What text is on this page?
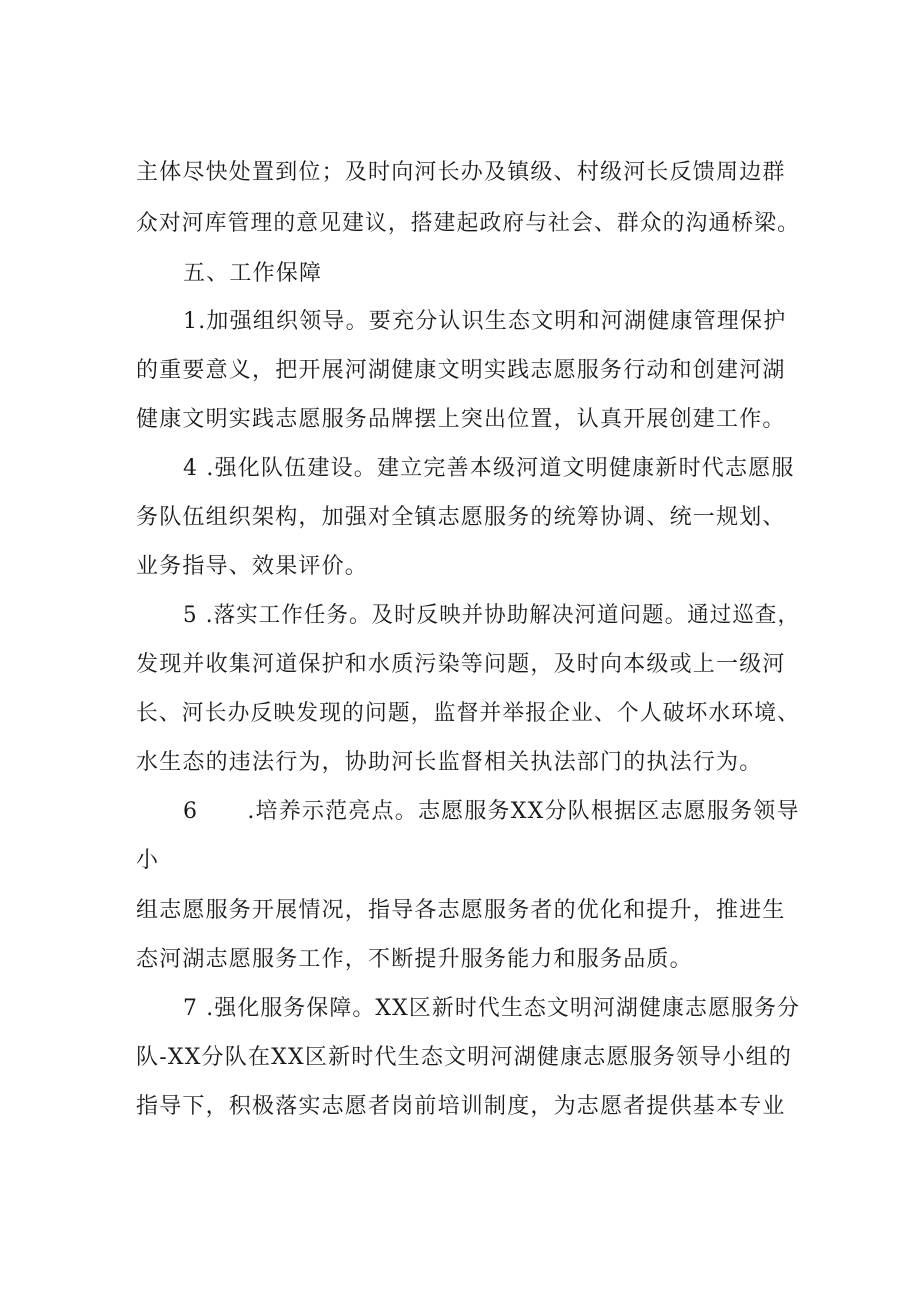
主体尽快处置到位；及时向河长办及镇级、村级河长反馈周边群
众对河库管理的意见建议，搭建起政府与社会、群众的沟通桥梁。
五、工作保障
1.加强组织领导。要充分认识生态文明和河湖健康管理保护
的重要意义，把开展河湖健康文明实践志愿服务行动和创建河湖
健康文明实践志愿服务品牌摆上突出位置，认真开展创建工作。
4 .强化队伍建设。建立完善本级河道文明健康新时代志愿服
务队伍组织架构，加强对全镇志愿服务的统筹协调、统一规划、
业务指导、效果评价。
5 .落实工作任务。及时反映并协助解决河道问题。通过巡查，
发现并收集河道保护和水质污染等问题，及时向本级或上一级河
长、河长办反映发现的问题，监督并举报企业、个人破坏水环境、
水生态的违法行为，协助河长监督相关执法部门的执法行为。
6      .培养示范亮点。志愿服务XX分队根据区志愿服务领导
小
组志愿服务开展情况，指导各志愿服务者的优化和提升，推进生
态河湖志愿服务工作，不断提升服务能力和服务品质。
7 .强化服务保障。XX区新时代生态文明河湖健康志愿服务分
队-XX分队在XX区新时代生态文明河湖健康志愿服务领导小组的
指导下，积极落实志愿者岗前培训制度，为志愿者提供基本专业
